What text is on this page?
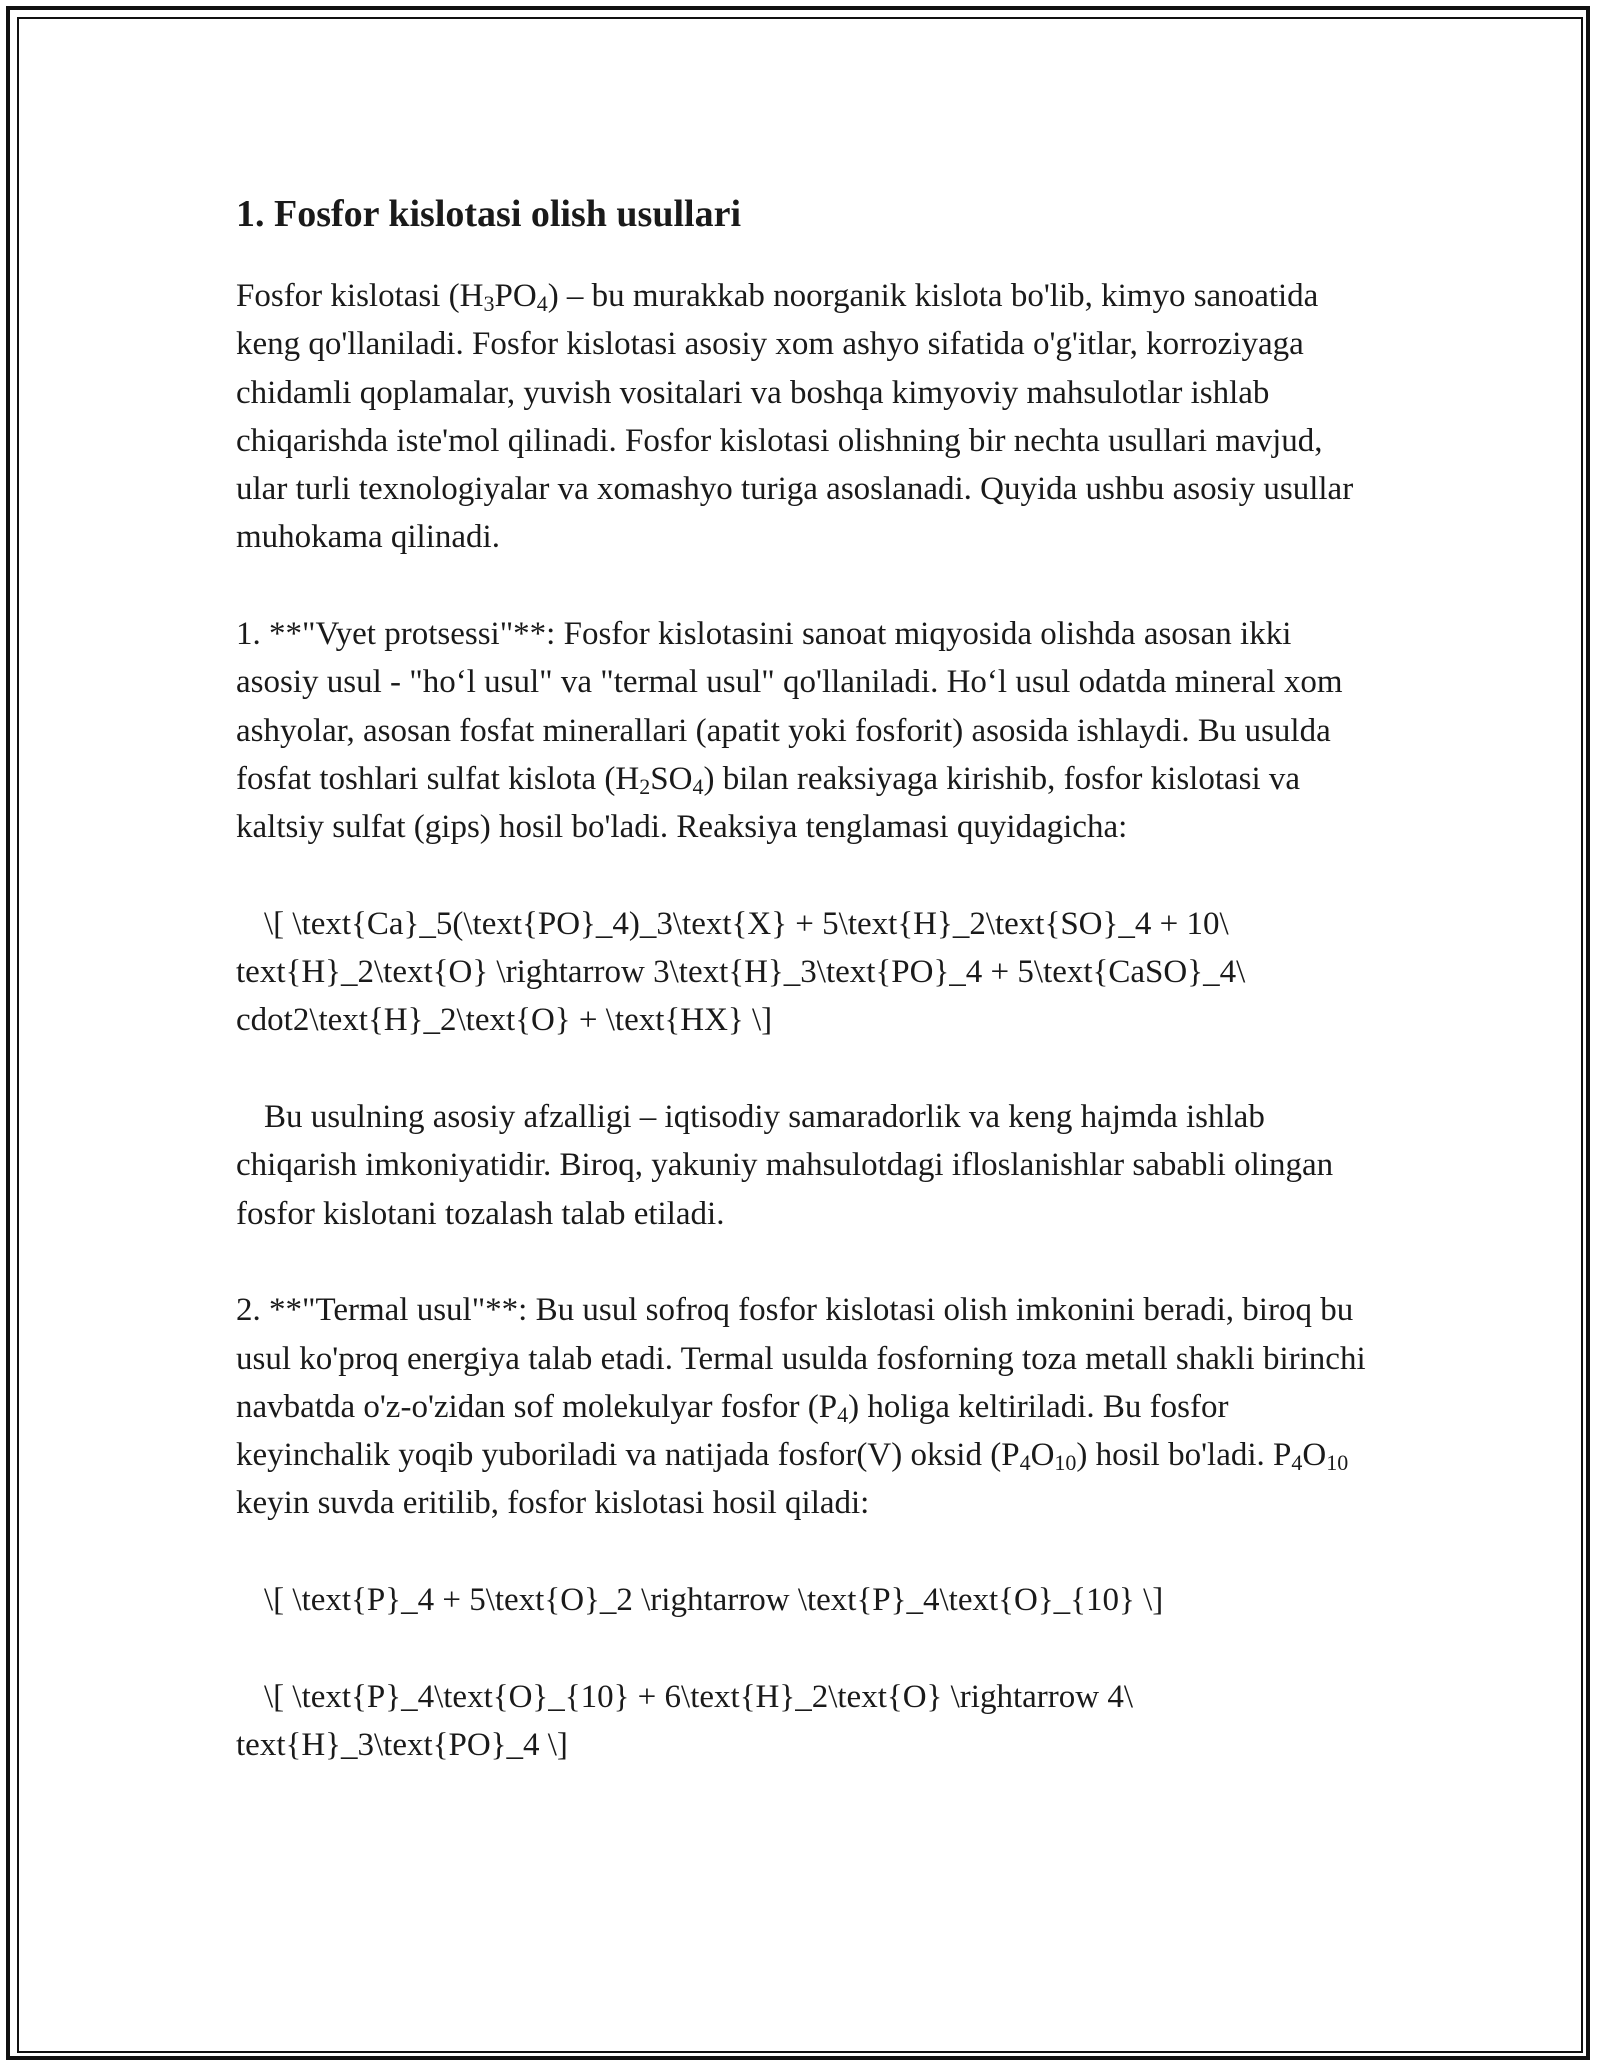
1. Fosfor kislotasi olish usullari

Fosfor kislotasi $(H_3PO_4)$ – bu murakkab noorganik kislota bo'lib, kimyo sanoatida keng qo'llaniladi. Fosfor kislotasi asosiy xom ashyo sifatida o'g'itlar, korroziyaga chidamli qoplamalar, yuvish vositalari va boshqa kimyoviy mahsulotlar ishlab chiqarishda iste'mol qilinadi. Fosfor kislotasi olishning bir nechta usullari mavjud, ular turli texnologiyalar va xomashyo turiga asoslanadi. Quyida ushbu asosiy usullar muhokama qilinadi.

1. **"Vyet protsessi"**: Fosfor kislotasini sanoat miqyosida olishda asosan ikki asosiy usul - "ho‘l usul" va "termal usul" qo'llaniladi. Ho‘l usul odatda mineral xom ashyolar, asosan fosfat minerallari (apatit yoki fosforit) asosida ishlaydi. Bu usulda fosfat toshlari sulfat kislota $(H_2SO_4)$ bilan reaksiyaga kirishib, fosfor kislotasi va kaltsiy sulfat (gips) hosil bo'ladi. Reaksiya tenglamasi quyidagicha:

\[ \text{Ca}_5(\text{PO}_4)_3\text{X} + 5\text{H}_2\text{SO}_4 + 10\ text{H}_2\text{O} \rightarrow 3\text{H}_3\text{PO}_4 + 5\text{CaSO}_4\ cdot2\text{H}_2\text{O} + \text{HX} \]

Bu usulning asosiy afzalligi – iqtisodiy samaradorlik va keng hajmda ishlab chiqarish imkoniyatidir. Biroq, yakuniy mahsulotdagi ifloslanishlar sababli olingan fosfor kislotani tozalash talab etiladi.

2. **"Termal usul"**: Bu usul sofroq fosfor kislotasi olish imkonini beradi, biroq bu usul ko'proq energiya talab etadi. Termal usulda fosforning toza metall shakli birinchi navbatda o'z-o'zidan sof molekulyar fosfor $(P_4)$ holiga keltiriladi. Bu fosfor keyinchalik yoqib yuboriladi va natijada fosfor(V) oksid $(P_4O_{10})$ hosil bo'ladi. $P_4O_{10}$ keyin suvda eritilib, fosfor kislotasi hosil qiladi:

\[ \text{P}_4 + 5\text{O}_2 \rightarrow \text{P}_4\text{O}_{10} \]

\[ \text{P}_4\text{O}_{10} + 6\text{H}_2\text{O} \rightarrow 4\ text{H}_3\text{PO}_4 \]
